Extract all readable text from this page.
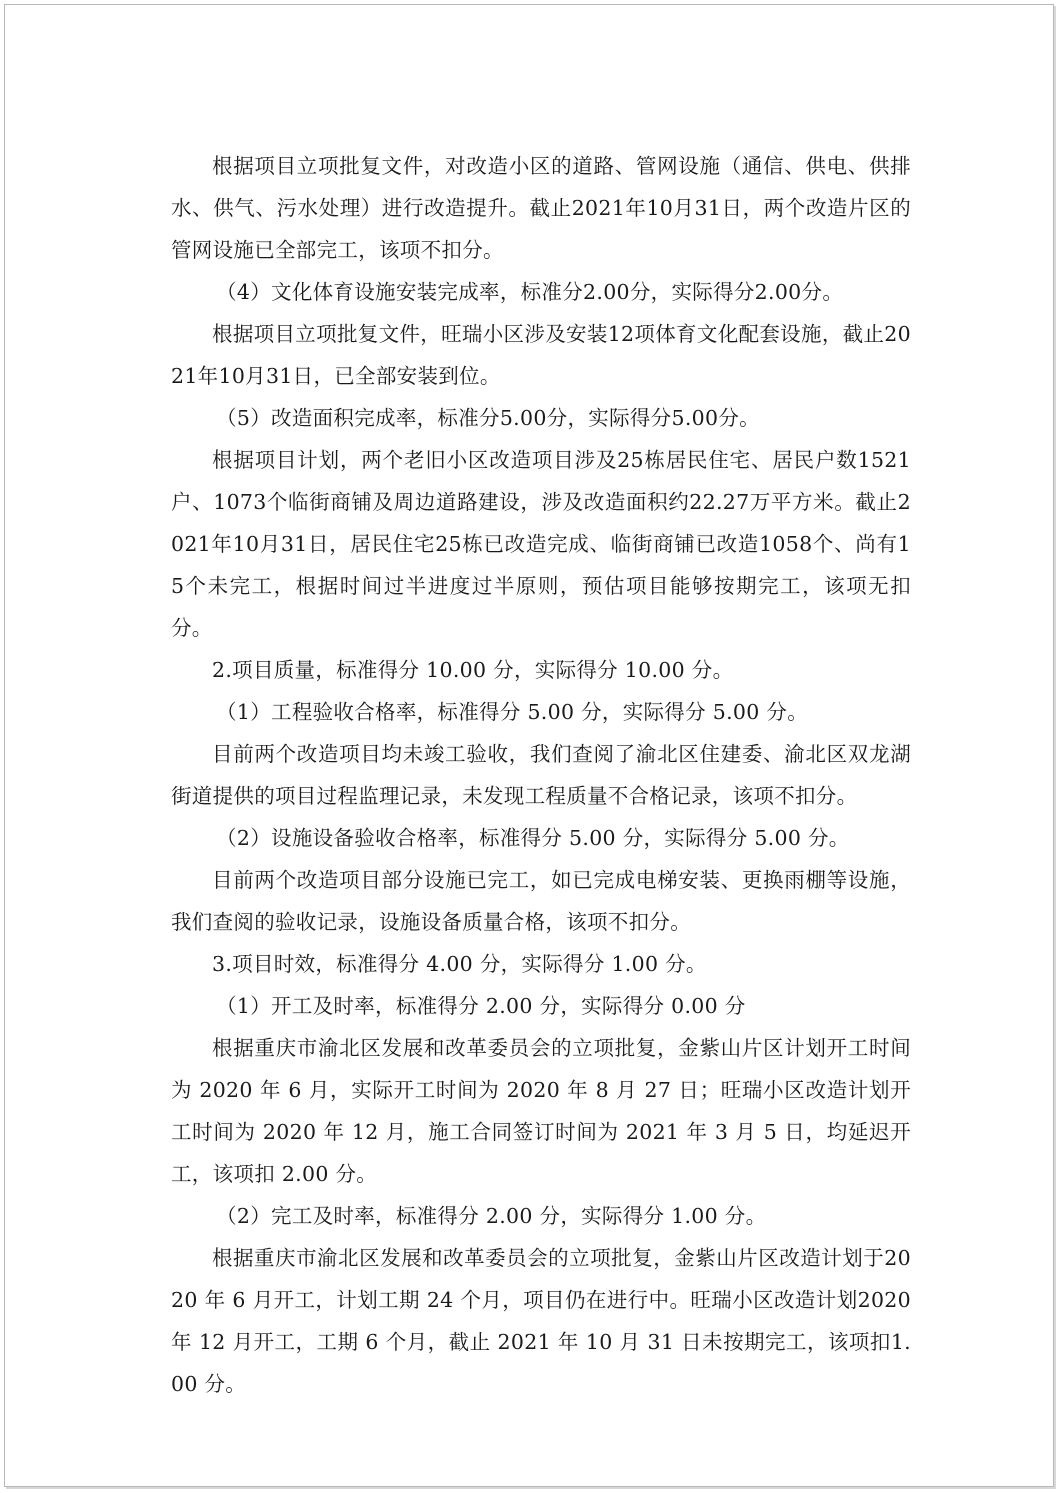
根据项目立项批复文件，对改造小区的道路、管网设施（通信、供电、供排水、供气、污水处理）进行改造提升。截止2021年10月31日，两个改造片区的管网设施已全部完工，该项不扣分。

（4）文化体育设施安装完成率，标准分2.00分，实际得分2.00分。

根据项目立项批复文件，旺瑞小区涉及安装12项体育文化配套设施，截止2021年10月31日，已全部安装到位。

（5）改造面积完成率，标准分5.00分，实际得分5.00分。

根据项目计划，两个老旧小区改造项目涉及25栋居民住宅、居民户数1521户、1073个临街商铺及周边道路建设，涉及改造面积约22.27万平方米。截止2021年10月31日，居民住宅25栋已改造完成、临街商铺已改造1058个、尚有15个未完工，根据时间过半进度过半原则，预估项目能够按期完工，该项无扣分。

2.项目质量，标准得分 10.00 分，实际得分 10.00 分。

（1）工程验收合格率，标准得分 5.00 分，实际得分 5.00 分。

目前两个改造项目均未竣工验收，我们查阅了渝北区住建委、渝北区双龙湖街道提供的项目过程监理记录，未发现工程质量不合格记录，该项不扣分。

（2）设施设备验收合格率，标准得分 5.00 分，实际得分 5.00 分。

目前两个改造项目部分设施已完工，如已完成电梯安装、更换雨棚等设施，我们查阅的验收记录，设施设备质量合格，该项不扣分。

3.项目时效，标准得分 4.00 分，实际得分 1.00 分。

（1）开工及时率，标准得分 2.00 分，实际得分 0.00 分

根据重庆市渝北区发展和改革委员会的立项批复，金紫山片区计划开工时间为 2020 年 6 月，实际开工时间为 2020 年 8 月 27 日；旺瑞小区改造计划开工时间为 2020 年 12 月，施工合同签订时间为 2021 年 3 月 5 日，均延迟开工，该项扣 2.00 分。

（2）完工及时率，标准得分 2.00 分，实际得分 1.00 分。

根据重庆市渝北区发展和改革委员会的立项批复，金紫山片区改造计划于2020 年 6 月开工，计划工期 24 个月，项目仍在进行中。旺瑞小区改造计划2020 年 12 月开工，工期 6 个月，截止 2021 年 10 月 31 日未按期完工，该项扣1.00 分。
